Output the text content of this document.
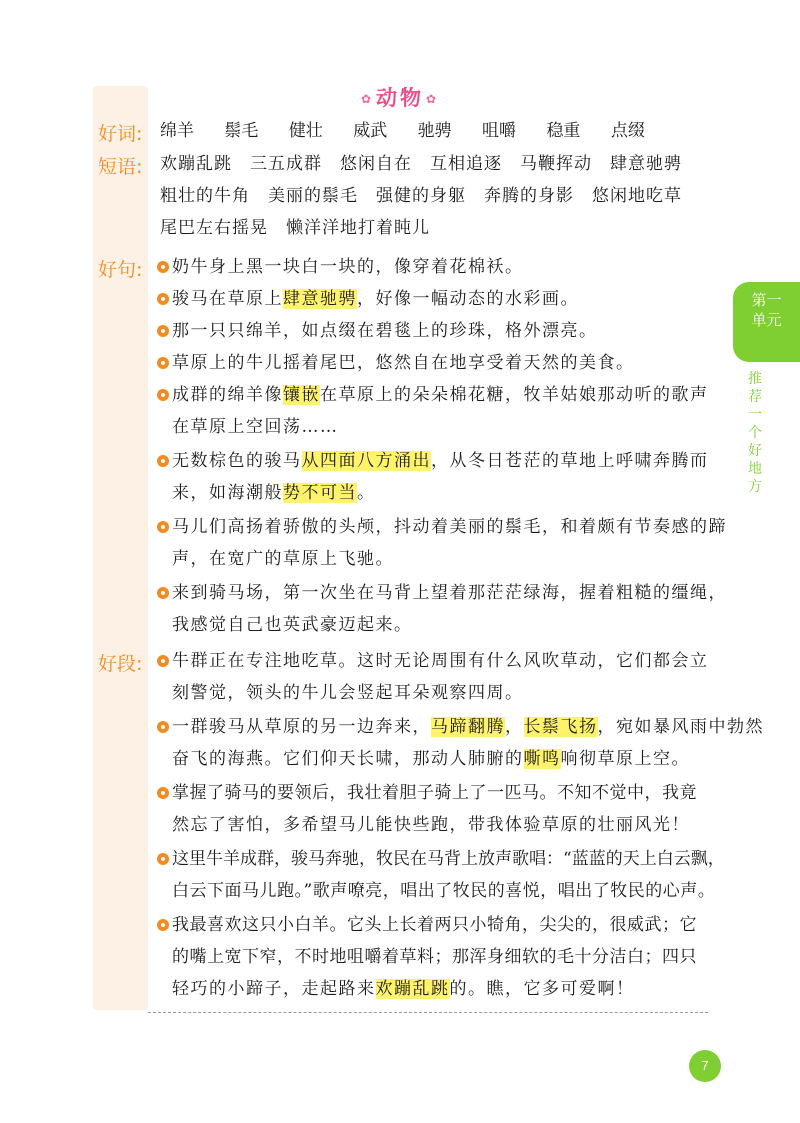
✿动物 ✿
好词: 绵羊 鬃毛 健壮 威武 驰骋 咀嚼 稳重 点缀
短语: 欢蹦乱跳　三五成群　悠闲自在　互相追逐　马鞭挥动　肆意驰骋
粗壮的牛角　美丽的鬃毛　强健的身躯　奔腾的身影　悠闲地吃草
尾巴左右摇晃　懒洋洋地打着盹儿
好句: 奶牛身上黑一块白一块的，像穿着花棉袄。
骏马在草原上肆意驰骋，好像一幅动态的水彩画。
那一只只绵羊，如点缀在碧毯上的珍珠，格外漂亮。
草原上的牛儿摇着尾巴，悠然自在地享受着天然的美食。
成群的绵羊像镶嵌在草原上的朵朵棉花糖，牧羊姑娘那动听的歌声
在草原上空回荡……
无数棕色的骏马从四面八方涌出，从冬日苍茫的草地上呼啸奔腾而
来，如海潮般势不可当。
马儿们高扬着骄傲的头颅，抖动着美丽的鬃毛，和着颇有节奏感的蹄
声，在宽广的草原上飞驰。
来到骑马场，第一次坐在马背上望着那茫茫绿海，握着粗糙的缰绳，
我感觉自己也英武豪迈起来。
好段: 牛群正在专注地吃草。这时无论周围有什么风吹草动，它们都会立
刻警觉，领头的牛儿会竖起耳朵观察四周。
一群骏马从草原的另一边奔来，马蹄翻腾，长鬃飞扬，宛如暴风雨中勃然
奋飞的海燕。它们仰天长啸，那动人肺腑的嘶鸣响彻草原上空。
掌握了骑马的要领后，我壮着胆子骑上了一匹马。不知不觉中，我竟
然忘了害怕，多希望马儿能快些跑，带我体验草原的壮丽风光！
这里牛羊成群，骏马奔驰，牧民在马背上放声歌唱：“蓝蓝的天上白云飘，
白云下面马儿跑。”歌声嘹亮，唱出了牧民的喜悦，唱出了牧民的心声。
我最喜欢这只小白羊。它头上长着两只小犄角，尖尖的，很威武；它
的嘴上宽下窄，不时地咀嚼着草料；那浑身细软的毛十分洁白；四只
轻巧的小蹄子，走起路来欢蹦乱跳的。瞧，它多可爱啊！
第一
单元
推
荐
一
个
好
地
方
7
